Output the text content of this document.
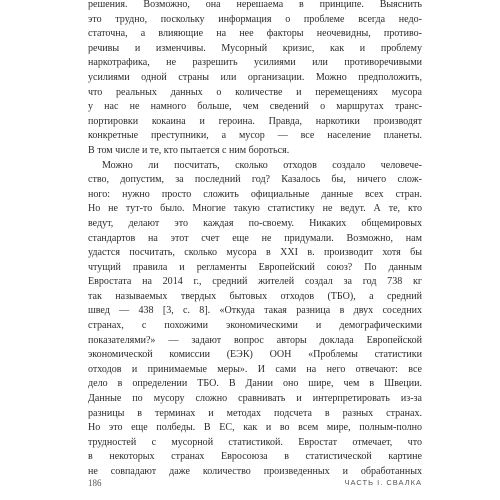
решения. Возможно, она нерешаема в принципе. Выяснить
это трудно, поскольку информация о проблеме всегда недо-
статочна, а влияющие на нее факторы неочевидны, противо-
речивы и изменчивы. Мусорный кризис, как и проблему
наркотрафика, не разрешить усилиями или противоречивыми
усилиями одной страны или организации. Можно предположить,
что реальных данных о количестве и перемещениях мусора
у нас не намного больше, чем сведений о маршрутах транс-
портировки кокаина и героина. Правда, наркотики производят
конкретные преступники, а мусор — все население планеты.
В том числе и те, кто пытается с ним бороться.
Можно ли посчитать, сколько отходов создало человече-
ство, допустим, за последний год? Казалось бы, ничего слож-
ного: нужно просто сложить официальные данные всех стран.
Но не тут-то было. Многие такую статистику не ведут. А те, кто
ведут, делают это каждая по-своему. Никаких общемировых
стандартов на этот счет еще не придумали. Возможно, нам
удастся посчитать, сколько мусора в XXI в. производит хотя бы
чтущий правила и регламенты Европейский союз? По данным
Евростата на 2014 г., средний жителей создал за год 738 кг
так называемых твердых бытовых отходов (ТБО), а средний
швед — 438 [3, с. 8]. «Откуда такая разница в двух соседних
странах, с похожими экономическими и демографическими
показателями?» — задают вопрос авторы доклада Европейской
экономической комиссии (ЕЭК) ООН «Проблемы статистики
отходов и принимаемые меры». И сами на него отвечают: все
дело в определении ТБО. В Дании оно шире, чем в Швеции.
Данные по мусору сложно сравнивать и интерпретировать из-за
разницы в терминах и методах подсчета в разных странах.
Но это еще полбеды. В ЕС, как и во всем мире, полным-полно
трудностей с мусорной статистикой. Евростат отмечает, что
в некоторых странах Евросоюза в статистической картине
не совпадают даже количество произведенных и обработанных
186	ЧАСТЬ I. СВАЛКА
